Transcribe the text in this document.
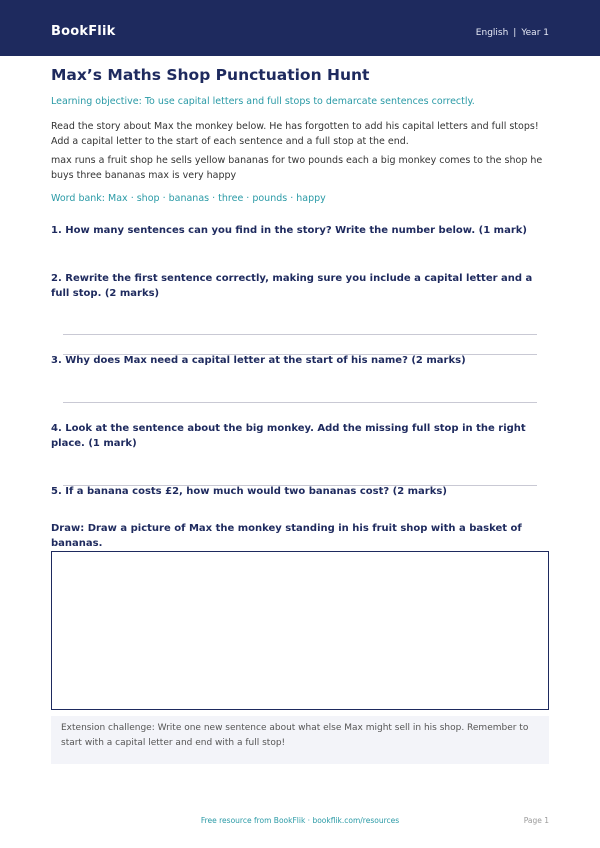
BookFlik	English | Year 1
Max’s Maths Shop Punctuation Hunt
Learning objective: To use capital letters and full stops to demarcate sentences correctly.
Read the story about Max the monkey below. He has forgotten to add his capital letters and full stops! Add a capital letter to the start of each sentence and a full stop at the end.
max runs a fruit shop he sells yellow bananas for two pounds each a big monkey comes to the shop he buys three bananas max is very happy
Word bank: Max · shop · bananas · three · pounds · happy
1. How many sentences can you find in the story? Write the number below. (1 mark)
2. Rewrite the first sentence correctly, making sure you include a capital letter and a full stop. (2 marks)
3. Why does Max need a capital letter at the start of his name? (2 marks)
4. Look at the sentence about the big monkey. Add the missing full stop in the right place. (1 mark)
5. If a banana costs £2, how much would two bananas cost? (2 marks)
Draw: Draw a picture of Max the monkey standing in his fruit shop with a basket of bananas.
Extension challenge: Write one new sentence about what else Max might sell in his shop. Remember to start with a capital letter and end with a full stop!
Free resource from BookFlik · bookflik.com/resources	Page 1
